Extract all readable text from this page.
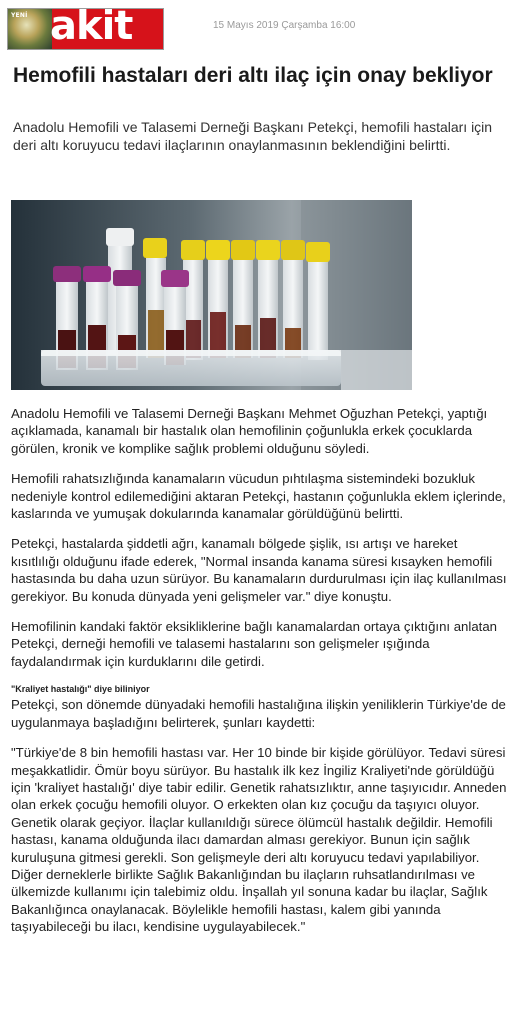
YENİ akit	15 Mayıs 2019 Çarşamba 16:00
Hemofili hastaları deri altı ilaç için onay bekliyor

Anadolu Hemofili ve Talasemi Derneği Başkanı Petekçi, hemofili hastaları için deri altı koruyucu tedavi ilaçlarının onaylanmasının beklendiğini belirtti.

Anadolu Hemofili ve Talasemi Derneği Başkanı Mehmet Oğuzhan Petekçi, yaptığı açıklamada, kanamalı bir hastalık olan hemofilinin çoğunlukla erkek çocuklarda görülen, kronik ve komplike sağlık problemi olduğunu söyledi.

Hemofili rahatsızlığında kanamaların vücudun pıhtılaşma sistemindeki bozukluk nedeniyle kontrol edilemediğini aktaran Petekçi, hastanın çoğunlukla eklem içlerinde, kaslarında ve yumuşak dokularında kanamalar görüldüğünü belirtti.

Petekçi, hastalarda şiddetli ağrı, kanamalı bölgede şişlik, ısı artışı ve hareket kısıtlılığı olduğunu ifade ederek, "Normal insanda kanama süresi kısayken hemofili hastasında bu daha uzun sürüyor. Bu kanamaların durdurulması için ilaç kullanılması gerekiyor. Bu konuda dünyada yeni gelişmeler var." diye konuştu.

Hemofilinin kandaki faktör eksikliklerine bağlı kanamalardan ortaya çıktığını anlatan Petekçi, derneği hemofili ve talasemi hastalarını son gelişmeler ışığında faydalandırmak için kurduklarını dile getirdi.

"Kraliyet hastalığı" diye biliniyor

Petekçi, son dönemde dünyadaki hemofili hastalığına ilişkin yeniliklerin Türkiye'de de uygulanmaya başladığını belirterek, şunları kaydetti:

"Türkiye'de 8 bin hemofili hastası var. Her 10 binde bir kişide görülüyor. Tedavi süresi meşakkatlidir. Ömür boyu sürüyor. Bu hastalık ilk kez İngiliz Kraliyeti'nde görüldüğü için 'kraliyet hastalığı' diye tabir edilir. Genetik rahatsızlıktır, anne taşıyıcıdır. Anneden olan erkek çocuğu hemofili oluyor. O erkekten olan kız çocuğu da taşıyıcı oluyor. Genetik olarak geçiyor. İlaçlar kullanıldığı sürece ölümcül hastalık değildir. Hemofili hastası, kanama olduğunda ilacı damardan alması gerekiyor. Bunun için sağlık kuruluşuna gitmesi gerekli. Son gelişmeyle deri altı koruyucu tedavi yapılabiliyor. Diğer derneklerle birlikte Sağlık Bakanlığından bu ilaçların ruhsatlandırılması ve ülkemizde kullanımı için talebimiz oldu. İnşallah yıl sonuna kadar bu ilaçlar, Sağlık Bakanlığınca onaylanacak. Böylelikle hemofili hastası, kalem gibi yanında taşıyabileceği bu ilacı, kendisine uygulayabilecek."
